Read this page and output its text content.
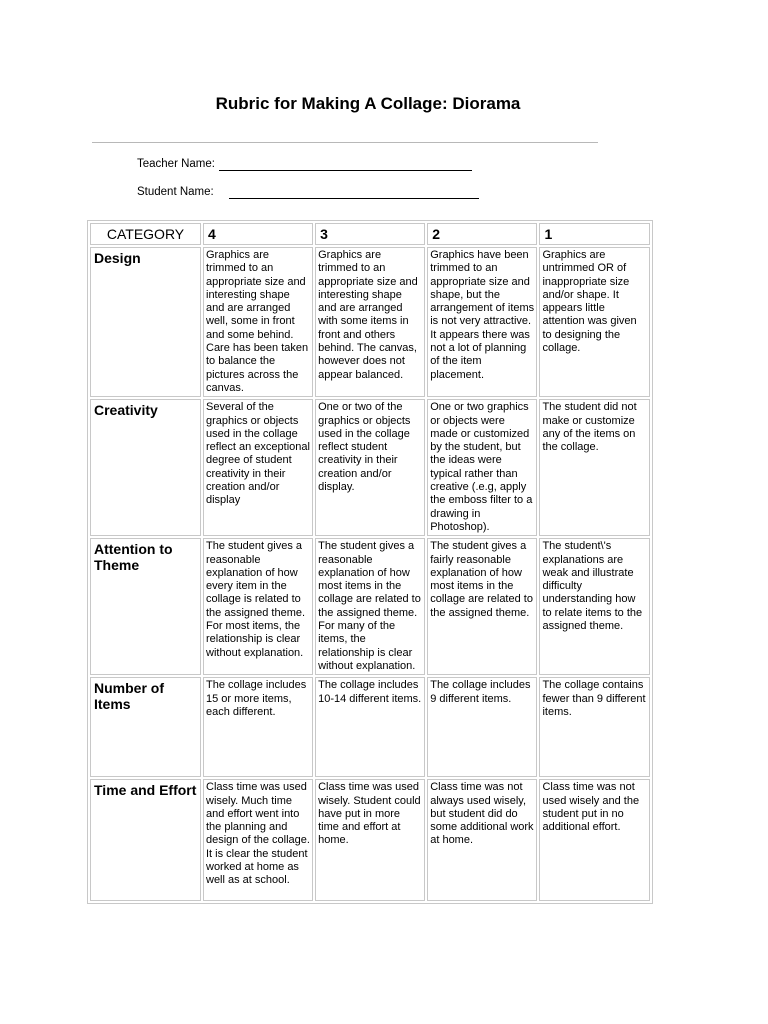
Rubric for Making A Collage: Diorama
Teacher Name:
Student Name:
CATEGORY	4	3	2	1
Design	Graphics are trimmed to an appropriate size and interesting shape and are arranged well, some in front and some behind. Care has been taken to balance the pictures across the canvas.	Graphics are trimmed to an appropriate size and interesting shape and are arranged with some items in front and others behind. The canvas, however does not appear balanced.	Graphics have been trimmed to an appropriate size and shape, but the arrangement of items is not very attractive. It appears there was not a lot of planning of the item placement.	Graphics are untrimmed OR of inappropriate size and/or shape. It appears little attention was given to designing the collage.
Creativity	Several of the graphics or objects used in the collage reflect an exceptional degree of student creativity in their creation and/or display	One or two of the graphics or objects used in the collage reflect student creativity in their creation and/or display.	One or two graphics or objects were made or customized by the student, but the ideas were typical rather than creative (.e.g, apply the emboss filter to a drawing in Photoshop).	The student did not make or customize any of the items on the collage.
Attention to Theme	The student gives a reasonable explanation of how every item in the collage is related to the assigned theme. For most items, the relationship is clear without explanation.	The student gives a reasonable explanation of how most items in the collage are related to the assigned theme. For many of the items, the relationship is clear without explanation.	The student gives a fairly reasonable explanation of how most items in the collage are related to the assigned theme.	The student\'s explanations are weak and illustrate difficulty understanding how to relate items to the assigned theme.
Number of Items	The collage includes 15 or more items, each different.	The collage includes 10-14 different items.	The collage includes 9 different items.	The collage contains fewer than 9 different items.
Time and Effort	Class time was used wisely. Much time and effort went into the planning and design of the collage. It is clear the student worked at home as well as at school.	Class time was used wisely. Student could have put in more time and effort at home.	Class time was not always used wisely, but student did do some additional work at home.	Class time was not used wisely and the student put in no additional effort.
